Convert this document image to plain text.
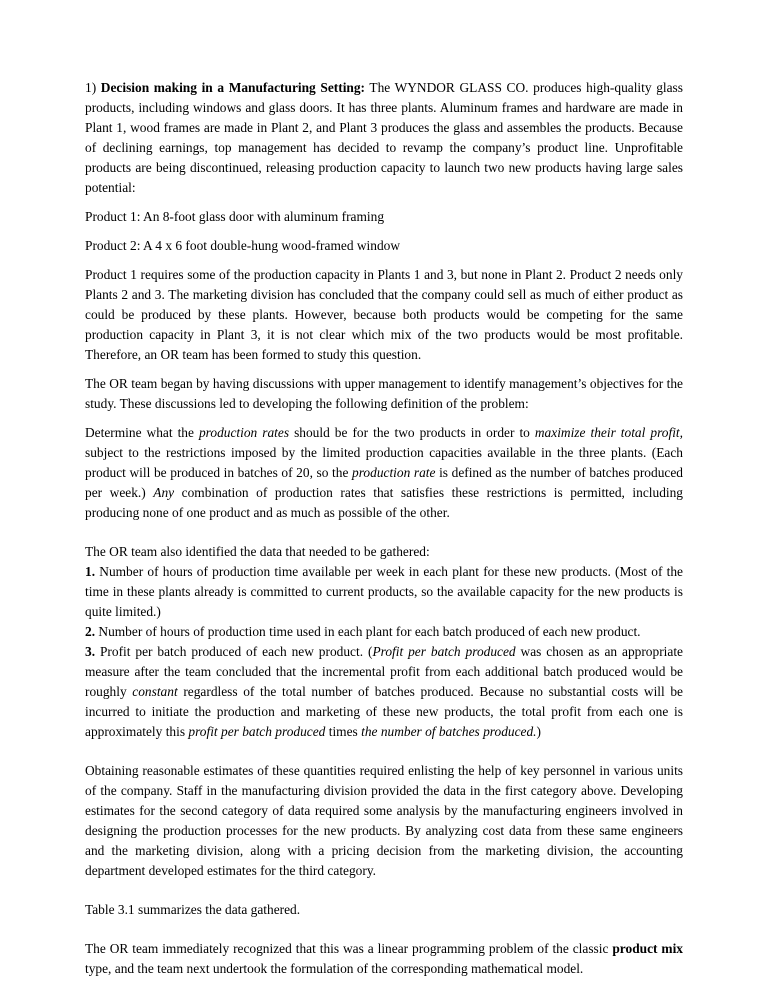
1) Decision making in a Manufacturing Setting: The WYNDOR GLASS CO. produces high-quality glass products, including windows and glass doors. It has three plants. Aluminum frames and hardware are made in Plant 1, wood frames are made in Plant 2, and Plant 3 produces the glass and assembles the products. Because of declining earnings, top management has decided to revamp the company’s product line. Unprofitable products are being discontinued, releasing production capacity to launch two new products having large sales potential:

Product 1: An 8-foot glass door with aluminum framing

Product 2: A 4 x 6 foot double-hung wood-framed window

Product 1 requires some of the production capacity in Plants 1 and 3, but none in Plant 2. Product 2 needs only Plants 2 and 3. The marketing division has concluded that the company could sell as much of either product as could be produced by these plants. However, because both products would be competing for the same production capacity in Plant 3, it is not clear which mix of the two products would be most profitable. Therefore, an OR team has been formed to study this question.

The OR team began by having discussions with upper management to identify management’s objectives for the study. These discussions led to developing the following definition of the problem:

Determine what the production rates should be for the two products in order to maximize their total profit, subject to the restrictions imposed by the limited production capacities available in the three plants. (Each product will be produced in batches of 20, so the production rate is defined as the number of batches produced per week.) Any combination of production rates that satisfies these restrictions is permitted, including producing none of one product and as much as possible of the other.

The OR team also identified the data that needed to be gathered:
1. Number of hours of production time available per week in each plant for these new products. (Most of the time in these plants already is committed to current products, so the available capacity for the new products is quite limited.)
2. Number of hours of production time used in each plant for each batch produced of each new product.
3. Profit per batch produced of each new product. (Profit per batch produced was chosen as an appropriate measure after the team concluded that the incremental profit from each additional batch produced would be roughly constant regardless of the total number of batches produced. Because no substantial costs will be incurred to initiate the production and marketing of these new products, the total profit from each one is approximately this profit per batch produced times the number of batches produced.)

Obtaining reasonable estimates of these quantities required enlisting the help of key personnel in various units of the company. Staff in the manufacturing division provided the data in the first category above. Developing estimates for the second category of data required some analysis by the manufacturing engineers involved in designing the production processes for the new products. By analyzing cost data from these same engineers and the marketing division, along with a pricing decision from the marketing division, the accounting department developed estimates for the third category.

Table 3.1 summarizes the data gathered.

The OR team immediately recognized that this was a linear programming problem of the classic product mix type, and the team next undertook the formulation of the corresponding mathematical model.
